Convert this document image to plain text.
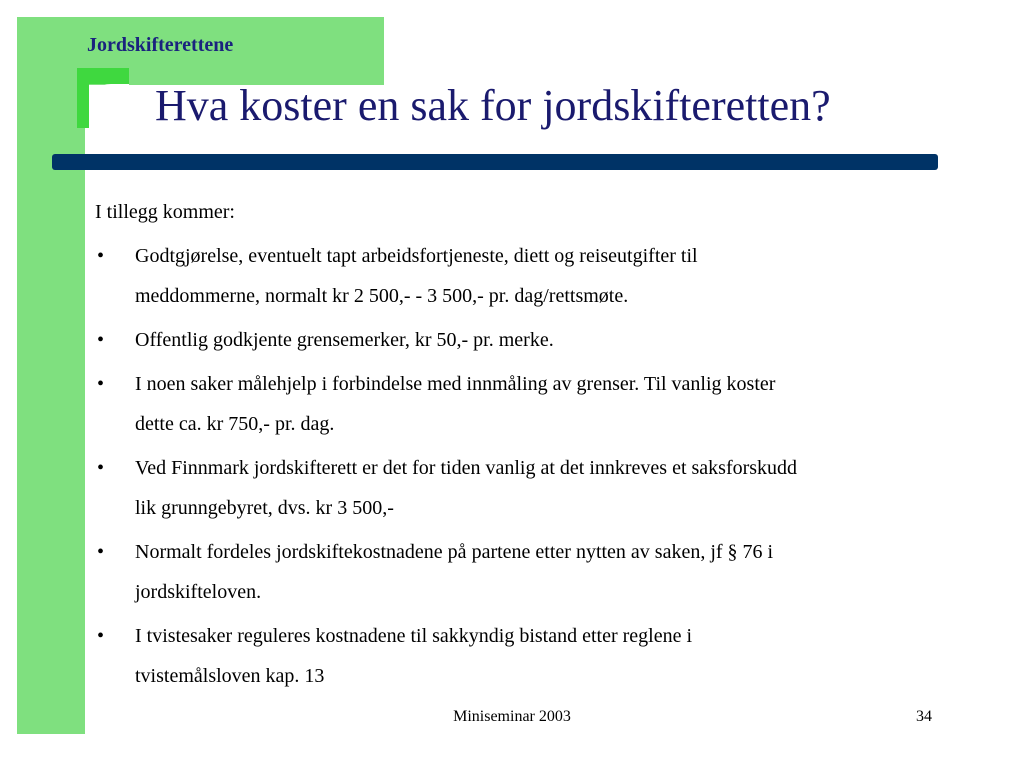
Jordskifterettene
Hva koster en sak for jordskifteretten?

I tillegg kommer:

• Godtgjørelse, eventuelt tapt arbeidsfortjeneste, diett og reiseutgifter til
meddommerne, normalt kr 2 500,- - 3 500,- pr. dag/rettsmøte.
• Offentlig godkjente grensemerker, kr 50,- pr. merke.
• I noen saker målehjelp i forbindelse med innmåling av grenser. Til vanlig koster
dette ca. kr 750,- pr. dag.
• Ved Finnmark jordskifterett er det for tiden vanlig at det innkreves et saksforskudd
lik grunngebyret, dvs. kr 3 500,-
• Normalt fordeles jordskiftekostnadene på partene etter nytten av saken, jf § 76 i
jordskifteloven.
• I tvistesaker reguleres kostnadene til sakkyndig bistand etter reglene i
tvistemålsloven kap. 13
Miniseminar 2003	34
